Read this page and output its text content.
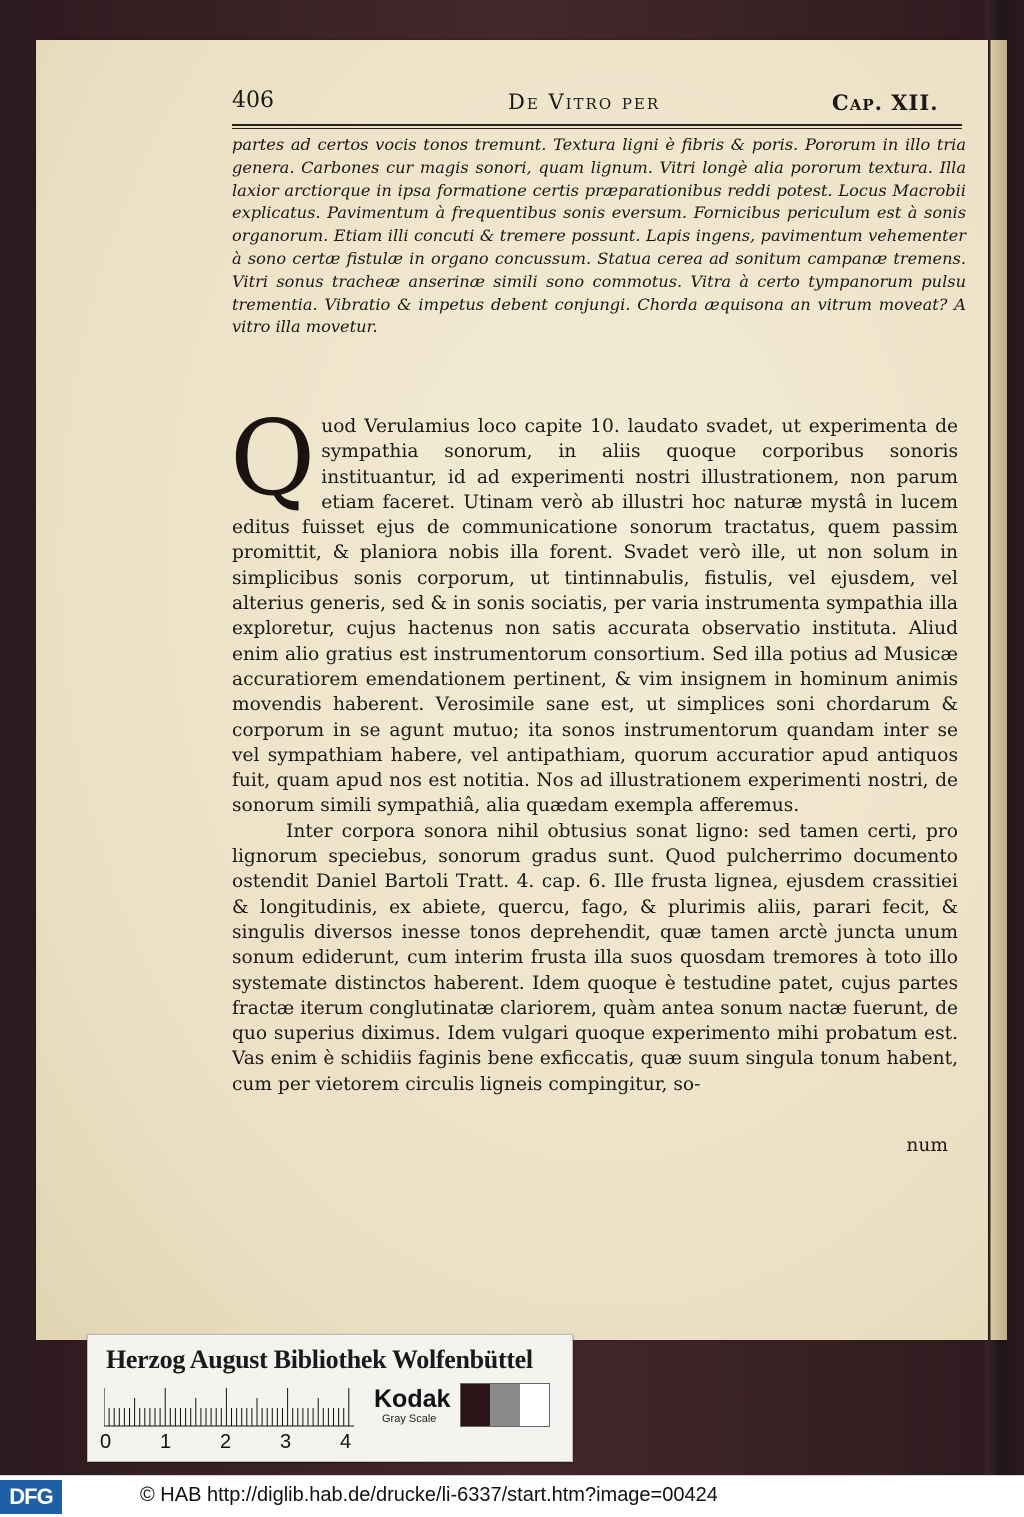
406	De Vitro per	Cap. XII.

partes ad certos vocis tonos tremunt. Textura ligni è fibris & poris. Pororum in illo tria genera. Carbones cur magis sonori, quam lignum. Vitri longè alia pororum textura. Illa laxior arctiorque in ipsa formatione certis præparationibus reddi potest. Locus Macrobii explicatus. Pavimentum à frequentibus sonis eversum. Fornicibus periculum est à sonis organorum. Etiam illi concuti & tremere possunt. Lapis ingens, pavimentum vehementer à sono certæ fistulæ in organo concussum. Statua cerea ad sonitum campanæ tremens. Vitri sonus tracheæ anserinæ simili sono commotus. Vitra à certo tympanorum pulsu trementia. Vibratio & impetus debent conjungi. Chorda æquisona an vitrum moveat? A vitro illa movetur.

Quod Verulamius loco capite 10. laudato svadet, ut experimenta de sympathia sonorum, in aliis quoque corporibus sonoris instituantur, id ad experimenti nostri illustrationem, non parum etiam faceret. Utinam verò ab illustri hoc naturæ mystâ in lucem editus fuisset ejus de communicatione sonorum tractatus, quem passim promittit, & planiora nobis illa forent. Svadet verò ille, ut non solum in simplicibus sonis corporum, ut tintinnabulis, fistulis, vel ejusdem, vel alterius generis, sed & in sonis sociatis, per varia instrumenta sympathia illa exploretur, cujus hactenus non satis accurata observatio instituta. Aliud enim alio gratius est instrumentorum consortium. Sed illa potius ad Musicæ accuratiorem emendationem pertinent, & vim insignem in hominum animis movendis haberent. Verosimile sane est, ut simplices soni chordarum & corporum in se agunt mutuo; ita sonos instrumentorum quandam inter se vel sympathiam habere, vel antipathiam, quorum accuratior apud antiquos fuit, quam apud nos est notitia. Nos ad illustrationem experimenti nostri, de sonorum simili sympathiâ, alia quædam exempla afferemus.

Inter corpora sonora nihil obtusius sonat ligno: sed tamen certi, pro lignorum speciebus, sonorum gradus sunt. Quod pulcherrimo documento ostendit Daniel Bartoli Tratt. 4. cap. 6. Ille frusta lignea, ejusdem crassitiei & longitudinis, ex abiete, quercu, fago, & plurimis aliis, parari fecit, & singulis diversos inesse tonos deprehendit, quæ tamen arctè juncta unum sonum ediderunt, cum interim frusta illa suos quosdam tremores à toto illo systemate distinctos haberent. Idem quoque è testudine patet, cujus partes fractæ iterum conglutinatæ clariorem, quàm antea sonum nactæ fuerunt, de quo superius diximus. Idem vulgari quoque experimento mihi probatum est. Vas enim è schidiis faginis bene exficcatis, quæ suum singula tonum habent, cum per vietorem circulis ligneis compingitur, so-

num
Herzog August Bibliothek Wolfenbüttel
0 1 2 3 4
Kodak
Gray Scale
DFG	© HAB http://diglib.hab.de/drucke/li-6337/start.htm?image=00424
